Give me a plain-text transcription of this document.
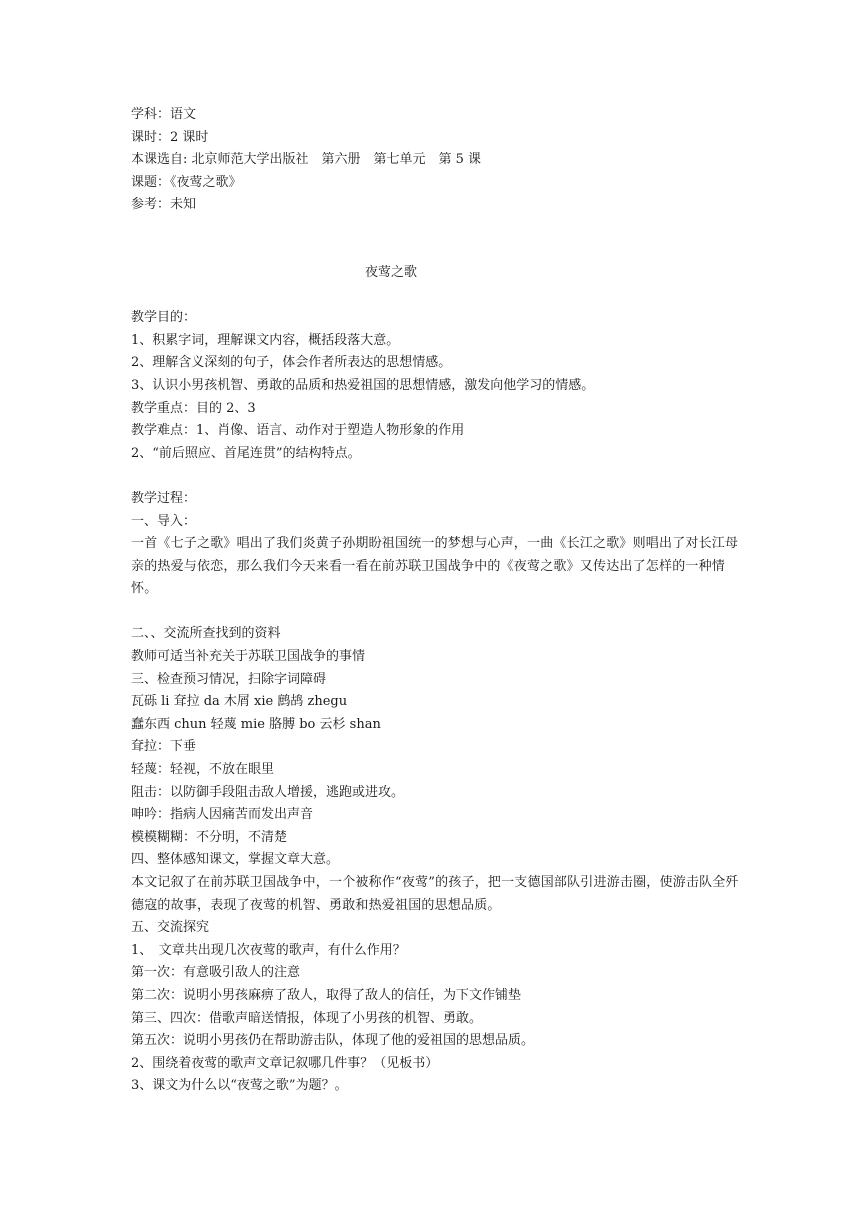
学科：语文
课时：2 课时
本课选自: 北京师范大学出版社　第六册　第七单元　第 5 课
课题：《夜莺之歌》
参考：未知
夜莺之歌
教学目的：
1、积累字词，理解课文内容，概括段落大意。
2、理解含义深刻的句子，体会作者所表达的思想情感。
3、认识小男孩机智、勇敢的品质和热爱祖国的思想情感，激发向他学习的情感。
教学重点：目的 2、3
教学难点：1、肖像、语言、动作对于塑造人物形象的作用
2、“前后照应、首尾连贯”的结构特点。
教学过程：
一、导入：
一首《七子之歌》唱出了我们炎黄子孙期盼祖国统一的梦想与心声，一曲《长江之歌》则唱出了对长江母亲的热爱与依恋，那么我们今天来看一看在前苏联卫国战争中的《夜莺之歌》又传达出了怎样的一种情怀。
二、、交流所查找到的资料
教师可适当补充关于苏联卫国战争的事情
三、检查预习情况，扫除字词障碍
瓦砾 li 耷拉 da 木屑 xie 鹧鸪 zhegu
蠢东西 chun 轻蔑 mie 胳膊 bo 云杉 shan
耷拉：下垂
轻蔑：轻视，不放在眼里
阻击：以防御手段阻击敌人增援，逃跑或进攻。
呻吟：指病人因痛苦而发出声音
模模糊糊：不分明，不清楚
四、整体感知课文，掌握文章大意。
本文记叙了在前苏联卫国战争中，一个被称作“夜莺”的孩子，把一支德国部队引进游击圈，使游击队全歼德寇的故事，表现了夜莺的机智、勇敢和热爱祖国的思想品质。
五、交流探究
1、　文章共出现几次夜莺的歌声，有什么作用？
第一次：有意吸引敌人的注意
第二次：说明小男孩麻痹了敌人，取得了敌人的信任，为下文作铺垫
第三、四次：借歌声暗送情报，体现了小男孩的机智、勇敢。
第五次：说明小男孩仍在帮助游击队，体现了他的爱祖国的思想品质。
2、围绕着夜莺的歌声文章记叙哪几件事？（见板书）
3、课文为什么以“夜莺之歌”为题？。
